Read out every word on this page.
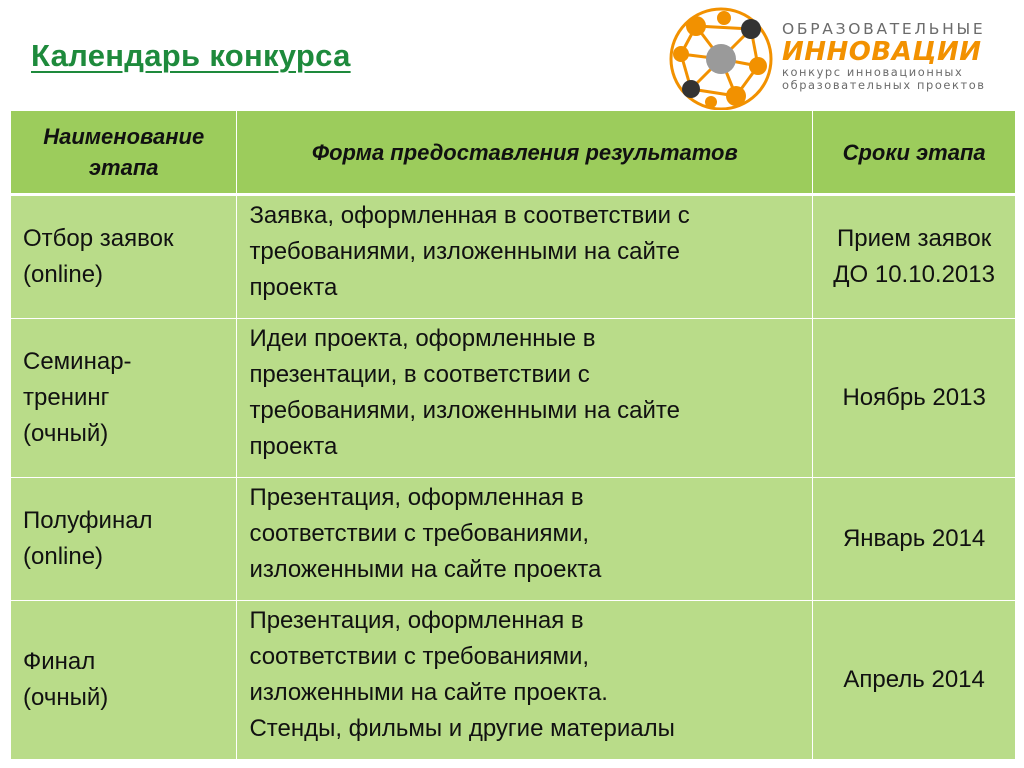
Календарь конкурса
ОБРАЗОВАТЕЛЬНЫЕ
ИННОВАЦИИ
конкурс инновационных
образовательных проектов
Наименование
этапа	Форма предоставления результатов	Сроки этапа

Отбор заявок
(online)	Заявка, оформленная в соответствии с
требованиями, изложенными на сайте
проекта	Прием заявок
ДО 10.10.2013

Семинар-
тренинг
(очный)	Идеи проекта, оформленные в
презентации, в соответствии с
требованиями, изложенными на сайте
проекта	Ноябрь 2013

Полуфинал
(online)	Презентация, оформленная в
соответствии с требованиями,
изложенными на сайте проекта	Январь 2014

Финал
(очный)	Презентация, оформленная в
соответствии с требованиями,
изложенными на сайте проекта.
Стенды, фильмы и другие материалы	Апрель 2014
